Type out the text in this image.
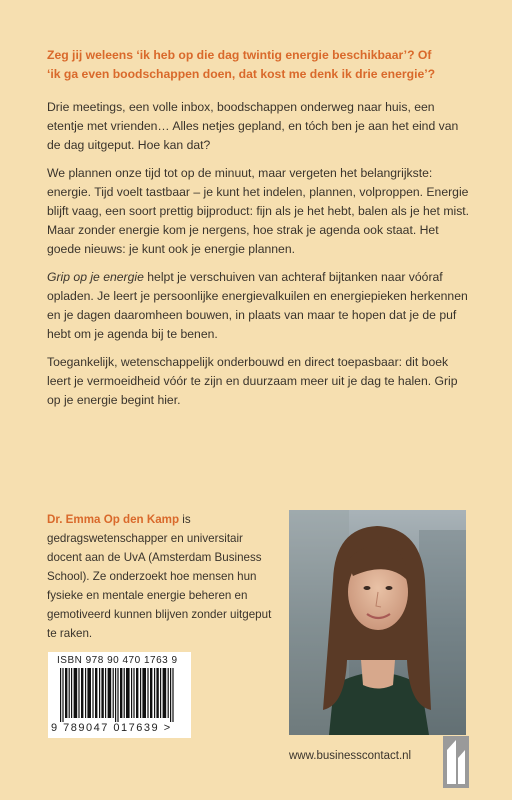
Zeg jij weleens ‘ik heb op die dag twintig energie beschikbaar’? Of
‘ik ga even boodschappen doen, dat kost me denk ik drie energie’?

Drie meetings, een volle inbox, boodschappen onderweg naar huis, een etentje met vrienden… Alles netjes gepland, en tóch ben je aan het eind van de dag uitgeput. Hoe kan dat?

We plannen onze tijd tot op de minuut, maar vergeten het belangrijkste: energie. Tijd voelt tastbaar – je kunt het indelen, plannen, volproppen. Energie blijft vaag, een soort prettig bijproduct: fijn als je het hebt, balen als je het mist. Maar zonder energie kom je nergens, hoe strak je agenda ook staat. Het goede nieuws: je kunt ook je energie plannen.

Grip op je energie helpt je verschuiven van achteraf bijtanken naar vóóraf opladen. Je leert je persoonlijke energievalkuilen en energiepieken herkennen en je dagen daaromheen bouwen, in plaats van maar te hopen dat je de puf hebt om je agenda bij te benen.

Toegankelijk, wetenschappelijk onderbouwd en direct toepasbaar: dit boek leert je vermoeidheid vóór te zijn en duurzaam meer uit je dag te halen. Grip op je energie begint hier.

Dr. Emma Op den Kamp is gedragswetenschapper en universitair docent aan de UvA (Amsterdam Business School). Ze onderzoekt hoe mensen hun fysieke en mentale energie beheren en gemotiveerd kunnen blijven zonder uitgeput te raken.
ISBN 978 90 470 1763 9
9 789047 017639 >
www.businesscontact.nl
